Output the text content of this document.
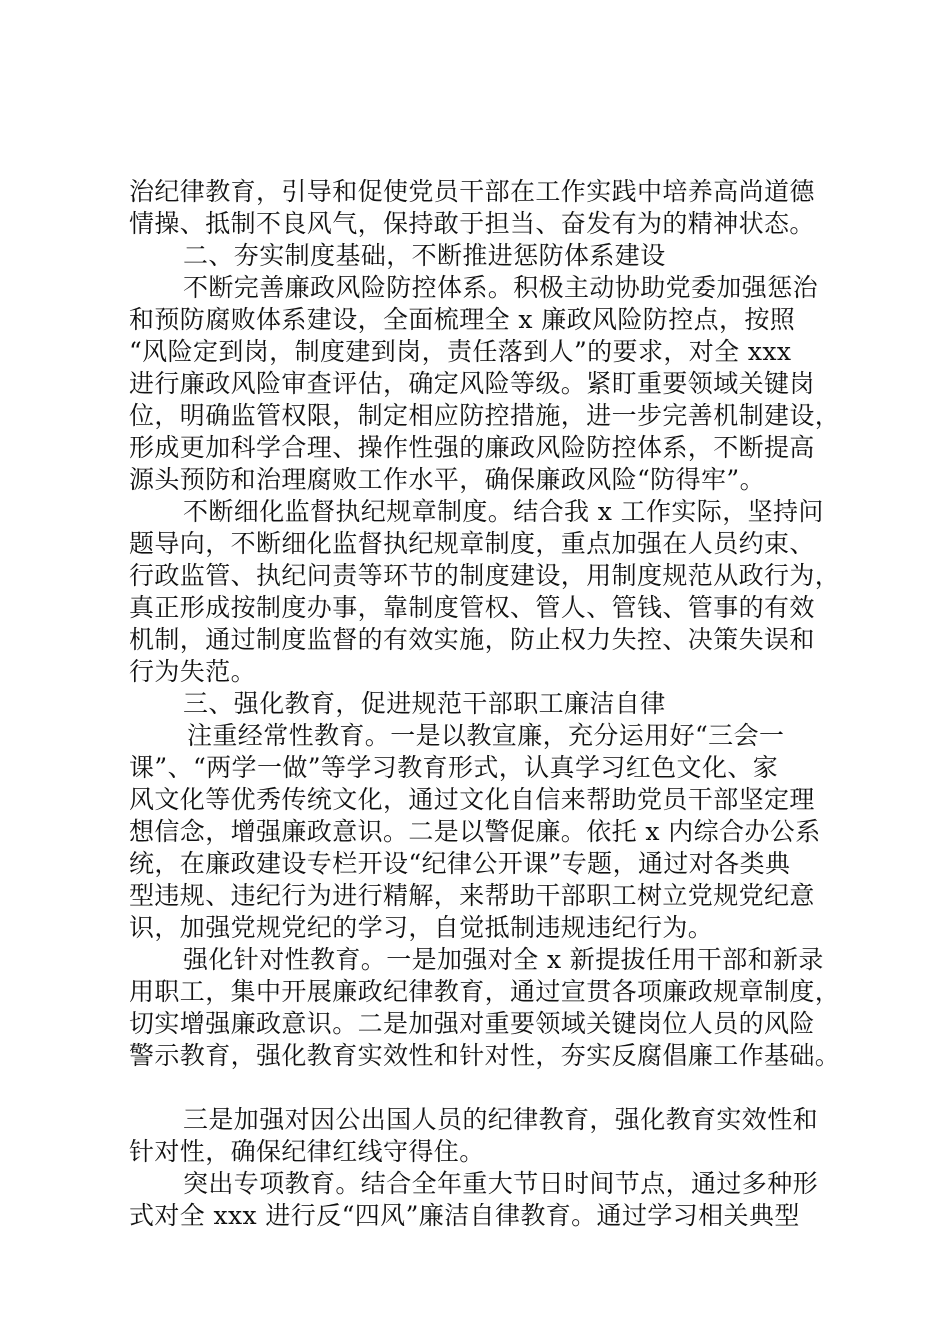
治纪律教育，引导和促使党员干部在工作实践中培养高尚道德
情操、抵制不良风气，保持敢于担当、奋发有为的精神状态。
二、夯实制度基础，不断推进惩防体系建设
不断完善廉政风险防控体系。积极主动协助党委加强惩治
和预防腐败体系建设，全面梳理全 x 廉政风险防控点，按照
“风险定到岗，制度建到岗，责任落到人”的要求，对全 xxx
进行廉政风险审查评估，确定风险等级。紧盯重要领域关键岗
位，明确监管权限，制定相应防控措施，进一步完善机制建设，
形成更加科学合理、操作性强的廉政风险防控体系，不断提高
源头预防和治理腐败工作水平，确保廉政风险“防得牢”。
不断细化监督执纪规章制度。结合我 x 工作实际，坚持问
题导向，不断细化监督执纪规章制度，重点加强在人员约束、
行政监管、执纪问责等环节的制度建设，用制度规范从政行为，
真正形成按制度办事，靠制度管权、管人、管钱、管事的有效
机制，通过制度监督的有效实施，防止权力失控、决策失误和
行为失范。
三、强化教育，促进规范干部职工廉洁自律
注重经常性教育。一是以教宣廉，充分运用好“三会一
课”、“两学一做”等学习教育形式，认真学习红色文化、家
风文化等优秀传统文化，通过文化自信来帮助党员干部坚定理
想信念，增强廉政意识。二是以警促廉。依托 x 内综合办公系
统，在廉政建设专栏开设“纪律公开课”专题，通过对各类典
型违规、违纪行为进行精解，来帮助干部职工树立党规党纪意
识，加强党规党纪的学习，自觉抵制违规违纪行为。
强化针对性教育。一是加强对全 x 新提拔任用干部和新录
用职工，集中开展廉政纪律教育，通过宣贯各项廉政规章制度，
切实增强廉政意识。二是加强对重要领域关键岗位人员的风险
警示教育，强化教育实效性和针对性，夯实反腐倡廉工作基础。
三是加强对因公出国人员的纪律教育，强化教育实效性和
针对性，确保纪律红线守得住。
突出专项教育。结合全年重大节日时间节点，通过多种形
式对全 xxx 进行反“四风”廉洁自律教育。通过学习相关典型
